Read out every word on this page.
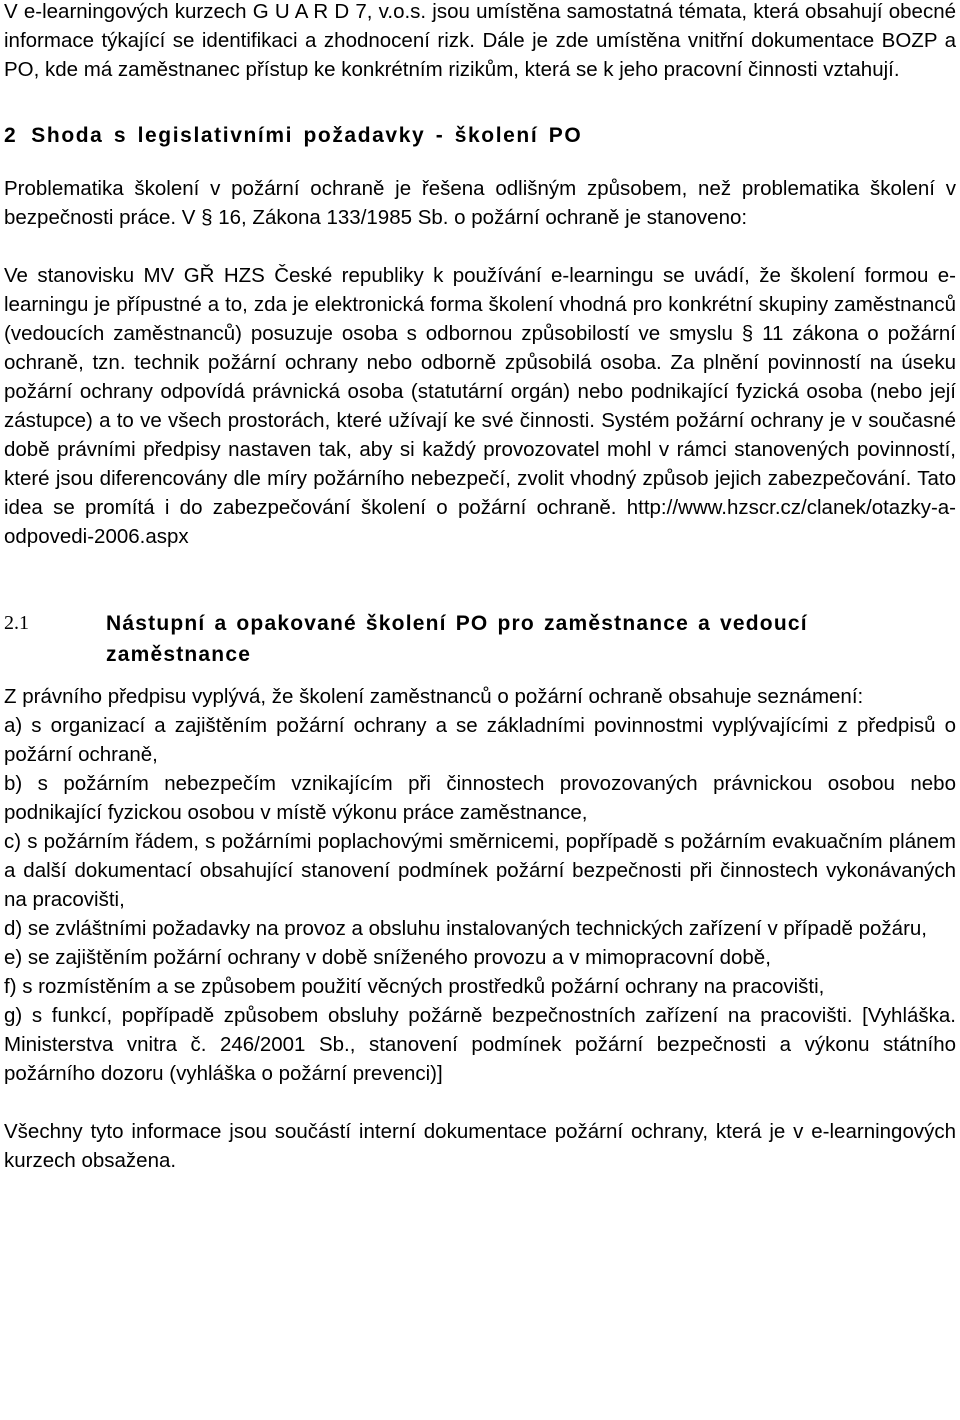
V e-learningových kurzech G U A R D 7, v.o.s. jsou umístěna samostatná témata, která obsahují obecné informace týkající se identifikaci a zhodnocení rizk. Dále je zde umístěna vnitřní dokumentace BOZP a PO, kde má zaměstnanec přístup ke konkrétním rizikům, která se k jeho pracovní činnosti vztahují.

2 Shoda s legislativními požadavky - školení PO

Problematika školení v požární ochraně je řešena odlišným způsobem, než problematika školení v bezpečnosti práce. V § 16, Zákona 133/1985 Sb. o požární ochraně je stanoveno:

Ve stanovisku MV GŘ HZS České republiky k používání e-learningu se uvádí, že školení formou e-learningu je přípustné a to, zda je elektronická forma školení vhodná pro konkrétní skupiny zaměstnanců (vedoucích zaměstnanců) posuzuje osoba s odbornou způsobilostí ve smyslu § 11 zákona o požární ochraně, tzn. technik požární ochrany nebo odborně způsobilá osoba. Za plnění povinností na úseku požární ochrany odpovídá právnická osoba (statutární orgán) nebo podnikající fyzická osoba (nebo její zástupce) a to ve všech prostorách, které užívají ke své činnosti. Systém požární ochrany je v současné době právními předpisy nastaven tak, aby si každý provozovatel mohl v rámci stanovených povinností, které jsou diferencovány dle míry požárního nebezpečí, zvolit vhodný způsob jejich zabezpečování. Tato idea se promítá i do zabezpečování školení o požární ochraně. http://www.hzscr.cz/clanek/otazky-a-odpovedi-2006.aspx

2.1	Nástupní a opakované školení PO pro zaměstnance a vedoucí zaměstnance

Z právního předpisu vyplývá, že školení zaměstnanců o požární ochraně obsahuje seznámení:

a) s organizací a zajištěním požární ochrany a se základními povinnostmi vyplývajícími z předpisů o požární ochraně,

b) s požárním nebezpečím vznikajícím při činnostech provozovaných právnickou osobou nebo podnikající fyzickou osobou v místě výkonu práce zaměstnance,

c) s požárním řádem, s požárními poplachovými směrnicemi, popřípadě s požárním evakuačním plánem a další dokumentací obsahující stanovení podmínek požární bezpečnosti při činnostech vykonávaných na pracovišti,

d) se zvláštními požadavky na provoz a obsluhu instalovaných technických zařízení v případě požáru,

e) se zajištěním požární ochrany v době sníženého provozu a v mimopracovní době,

f) s rozmístěním a se způsobem použití věcných prostředků požární ochrany na pracovišti,

g) s funkcí, popřípadě způsobem obsluhy požárně bezpečnostních zařízení na pracovišti. [Vyhláška. Ministerstva vnitra č. 246/2001 Sb., stanovení podmínek požární bezpečnosti a výkonu státního požárního dozoru (vyhláška o požární prevenci)]

Všechny tyto informace jsou součástí interní dokumentace požární ochrany, která je v e-learningových kurzech obsažena.
